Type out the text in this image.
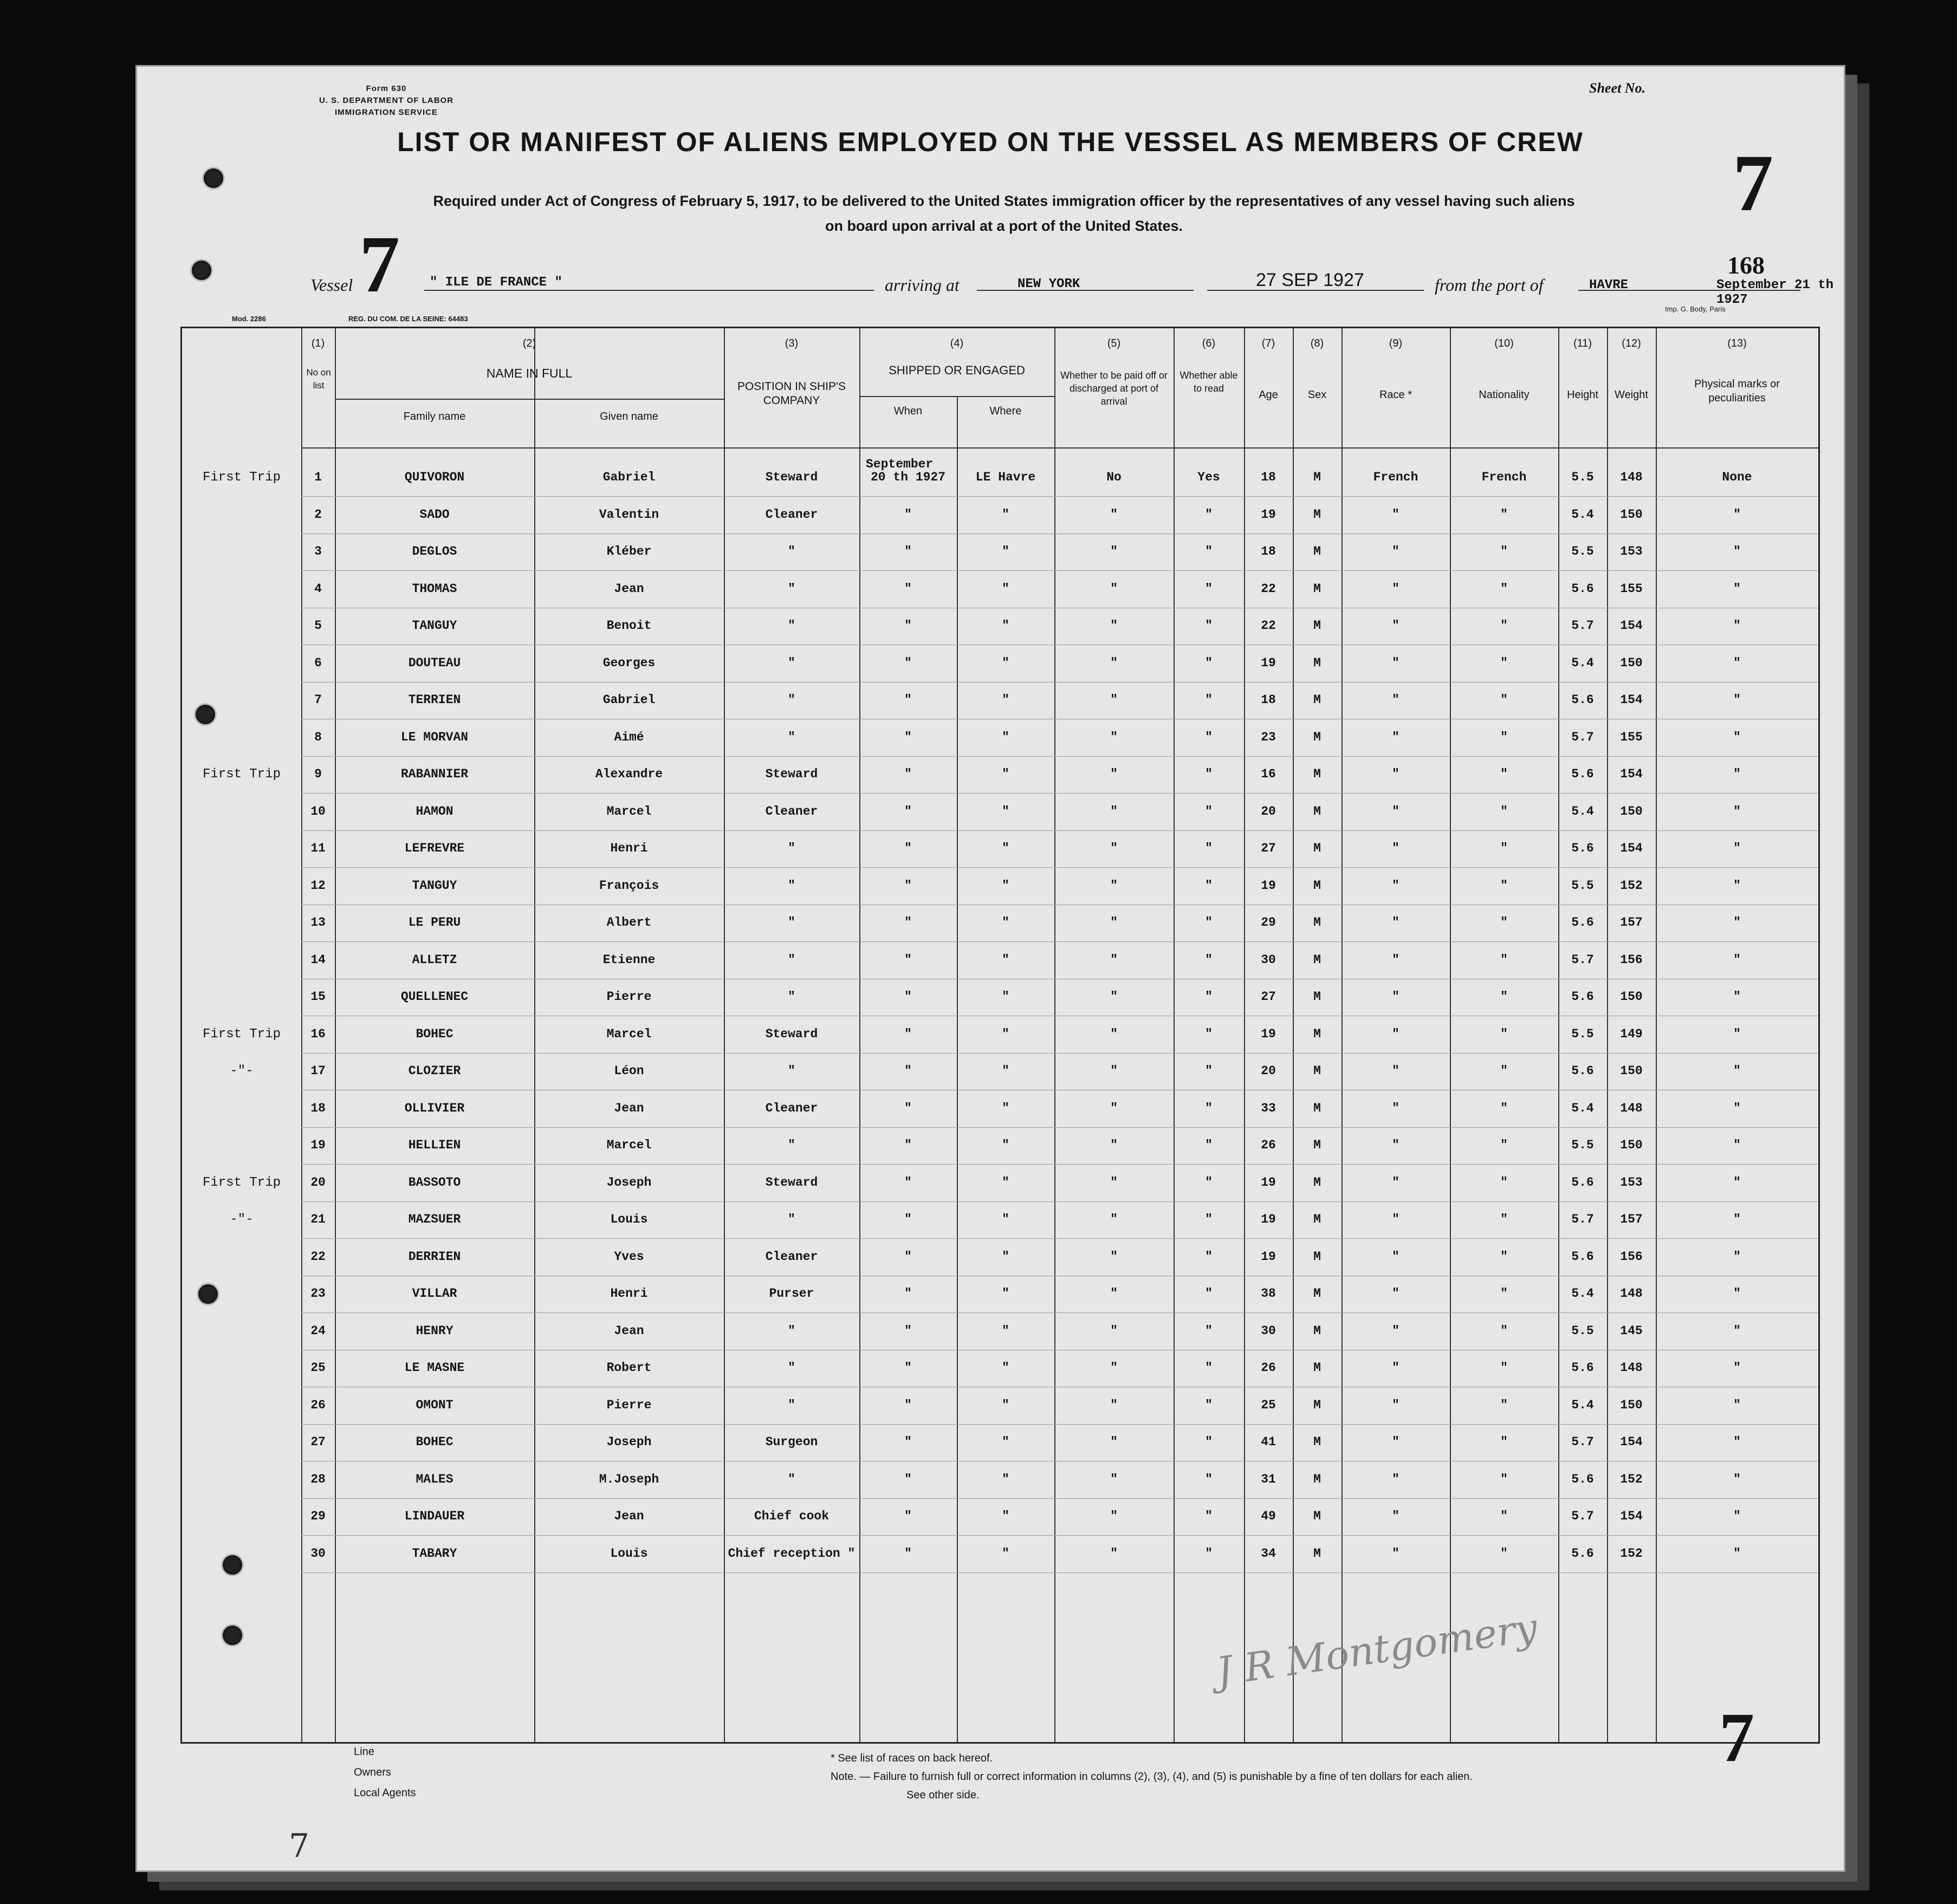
Form 630
U. S. DEPARTMENT OF LABOR
IMMIGRATION SERVICE
Sheet No.
LIST OR MANIFEST OF ALIENS EMPLOYED ON THE VESSEL AS MEMBERS OF CREW
Required under Act of Congress of February 5, 1917, to be delivered to the United States immigration officer by the representatives of any vessel having such aliens
on board upon arrival at a port of the United States.	7
168
Vessel 7 " ILE DE FRANCE "	arriving at	NEW YORK	27 SEP 1927	from the port of	HAVRE	September 21 th 1927
Mod. 2286	REG. DU COM. DE LA SEINE: 64483
Imp. G. Body, Paris
(1)
No on list
(2)
NAME IN FULL
Family name	Given name
(3)
POSITION IN SHIP'S COMPANY
(4)
SHIPPED OR ENGAGED
When	Where
(5)
Whether to be paid off or discharged at port of arrival
(6)
Whether able to read
(7)
Age
(8)
Sex
(9)
Race *
(10)
Nationality
(11)
Height
(12)
Weight
(13)
Physical marks or peculiarities
September
First Trip	1	QUIVORON	Gabriel	Steward	20 th 1927	LE Havre	No	Yes	18	M	French	French	5.5	148	None
2	SADO	Valentin	Cleaner	"	"	"	"	19	M	"	"	5.4	150	"
3	DEGLOS	Kléber	"	"	"	"	"	18	M	"	"	5.5	153	"
4	THOMAS	Jean	"	"	"	"	"	22	M	"	"	5.6	155	"
5	TANGUY	Benoit	"	"	"	"	"	22	M	"	"	5.7	154	"
6	DOUTEAU	Georges	"	"	"	"	"	19	M	"	"	5.4	150	"
7	TERRIEN	Gabriel	"	"	"	"	"	18	M	"	"	5.6	154	"
8	LE MORVAN	Aimé	"	"	"	"	"	23	M	"	"	5.7	155	"
First Trip	9	RABANNIER	Alexandre	Steward	"	"	"	"	16	M	"	"	5.6	154	"
10	HAMON	Marcel	Cleaner	"	"	"	"	20	M	"	"	5.4	150	"
11	LEFREVRE	Henri	"	"	"	"	"	27	M	"	"	5.6	154	"
12	TANGUY	François	"	"	"	"	"	19	M	"	"	5.5	152	"
13	LE PERU	Albert	"	"	"	"	"	29	M	"	"	5.6	157	"
14	ALLETZ	Etienne	"	"	"	"	"	30	M	"	"	5.7	156	"
15	QUELLENEC	Pierre	"	"	"	"	"	27	M	"	"	5.6	150	"
First Trip	16	BOHEC	Marcel	Steward	"	"	"	"	19	M	"	"	5.5	149	"
-"-	17	CLOZIER	Léon	"	"	"	"	"	20	M	"	"	5.6	150	"
18	OLLIVIER	Jean	Cleaner	"	"	"	"	33	M	"	"	5.4	148	"
19	HELLIEN	Marcel	"	"	"	"	"	26	M	"	"	5.5	150	"
First Trip	20	BASSOTO	Joseph	Steward	"	"	"	"	19	M	"	"	5.6	153	"
-"-	21	MAZSUER	Louis	"	"	"	"	"	19	M	"	"	5.7	157	"
22	DERRIEN	Yves	Cleaner	"	"	"	"	19	M	"	"	5.6	156	"
23	VILLAR	Henri	Purser	"	"	"	"	38	M	"	"	5.4	148	"
24	HENRY	Jean	"	"	"	"	"	30	M	"	"	5.5	145	"
25	LE MASNE	Robert	"	"	"	"	"	26	M	"	"	5.6	148	"
26	OMONT	Pierre	"	"	"	"	"	25	M	"	"	5.4	150	"
27	BOHEC	Joseph	Surgeon	"	"	"	"	41	M	"	"	5.7	154	"
28	MALES	M.Joseph	"	"	"	"	"	31	M	"	"	5.6	152	"
29	LINDAUER	Jean	Chief cook	"	"	"	"	49	M	"	"	5.7	154	"
30	TABARY	Louis	Chief reception "	"	"	"	"	34	M	"	"	5.6	152	"
Line
Owners
Local Agents
* See list of races on back hereof.
Note. — Failure to furnish full or correct information in columns (2), (3), (4), and (5) is punishable by a fine of ten dollars for each alien.
See other side.
7
7
J R Montgomery
